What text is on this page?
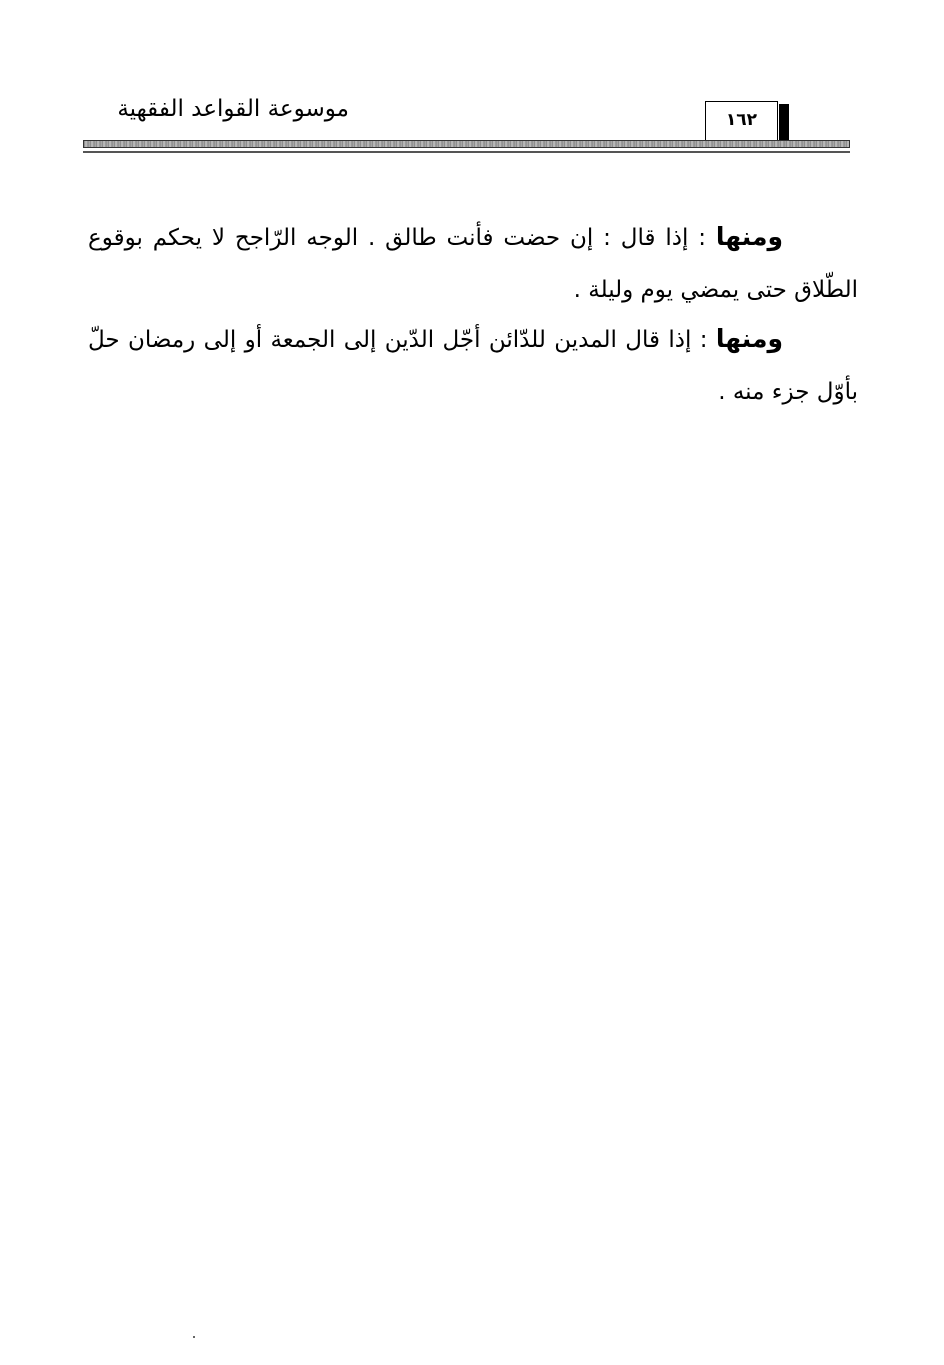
موسوعة القواعد الفقهية	١٦٢

ومنها : إذا قال : إن حضت فأنت طالق . الوجه الرّاجح لا يحكم بوقوع الطّلاق حتى يمضي يوم وليلة .

ومنها : إذا قال المدين للدّائن أجّل الدّين إلى الجمعة أو إلى رمضان حلّ بأوّل جزء منه .
